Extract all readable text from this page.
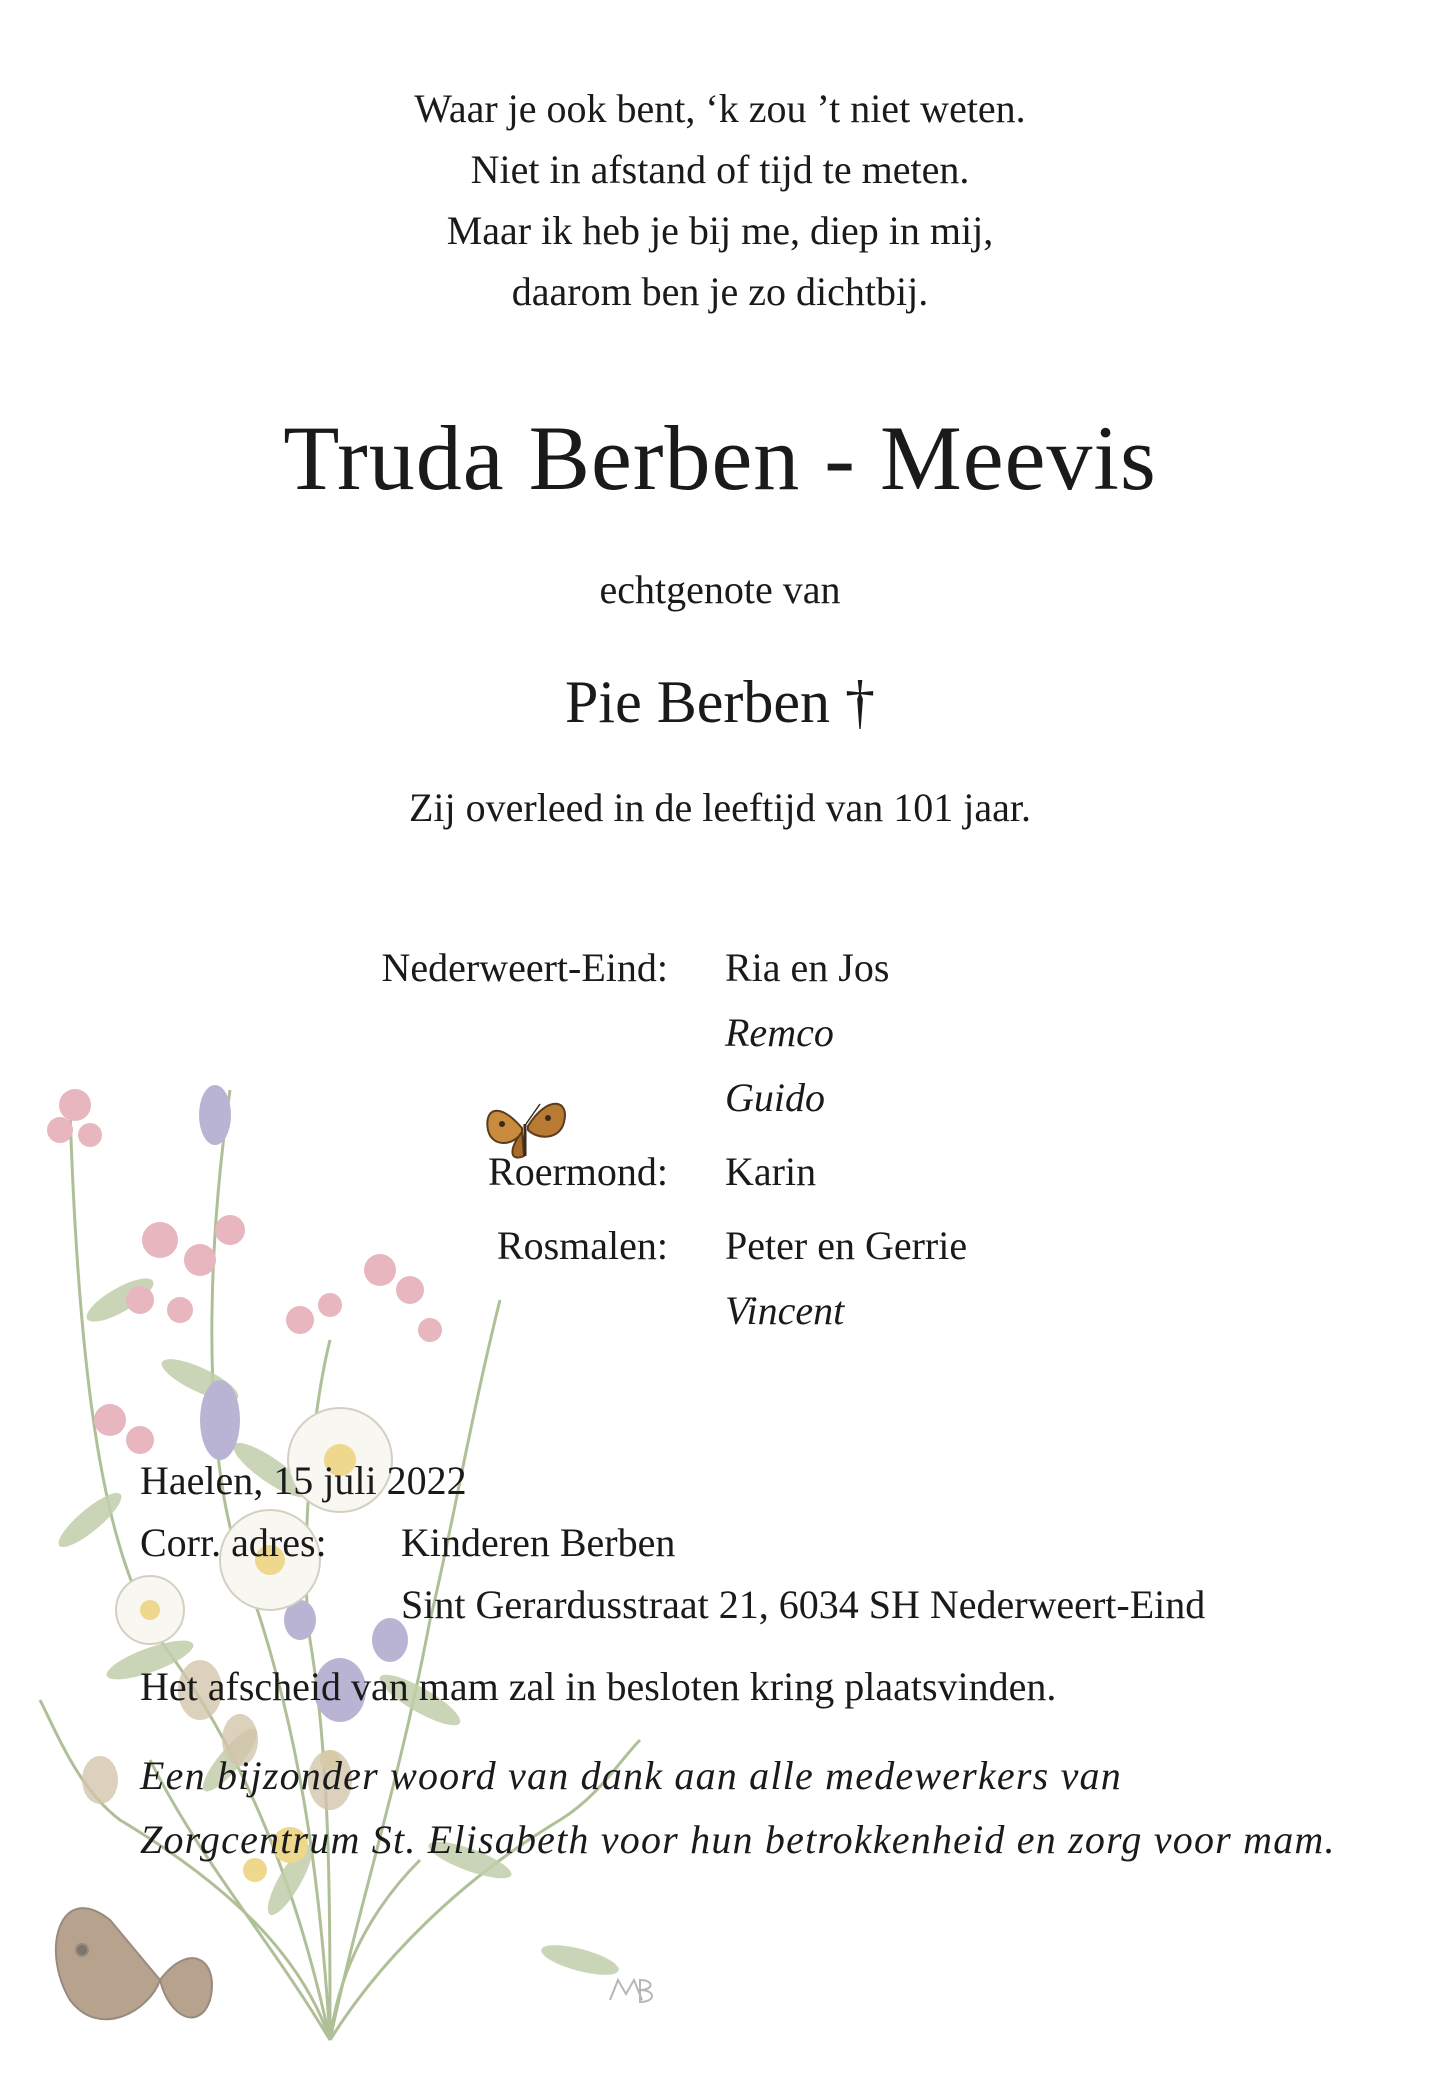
Waar je ook bent, ‘k zou ’t niet weten.
Niet in afstand of tijd te meten.
Maar ik heb je bij me, diep in mij,
daarom ben je zo dichtbij.
Truda Berben - Meevis
echtgenote van
Pie Berben †
Zij overleed in de leeftijd van 101 jaar.
Nederweert-Eind: Ria en Jos
Remco
Guido
Roermond: Karin
Rosmalen: Peter en Gerrie
Vincent
Haelen, 15 juli 2022
Corr. adres: Kinderen Berben
Sint Gerardusstraat 21, 6034 SH Nederweert-Eind
Het afscheid van mam zal in besloten kring plaatsvinden.
Een bijzonder woord van dank aan alle medewerkers van
Zorgcentrum St. Elisabeth voor hun betrokkenheid en zorg voor mam.
